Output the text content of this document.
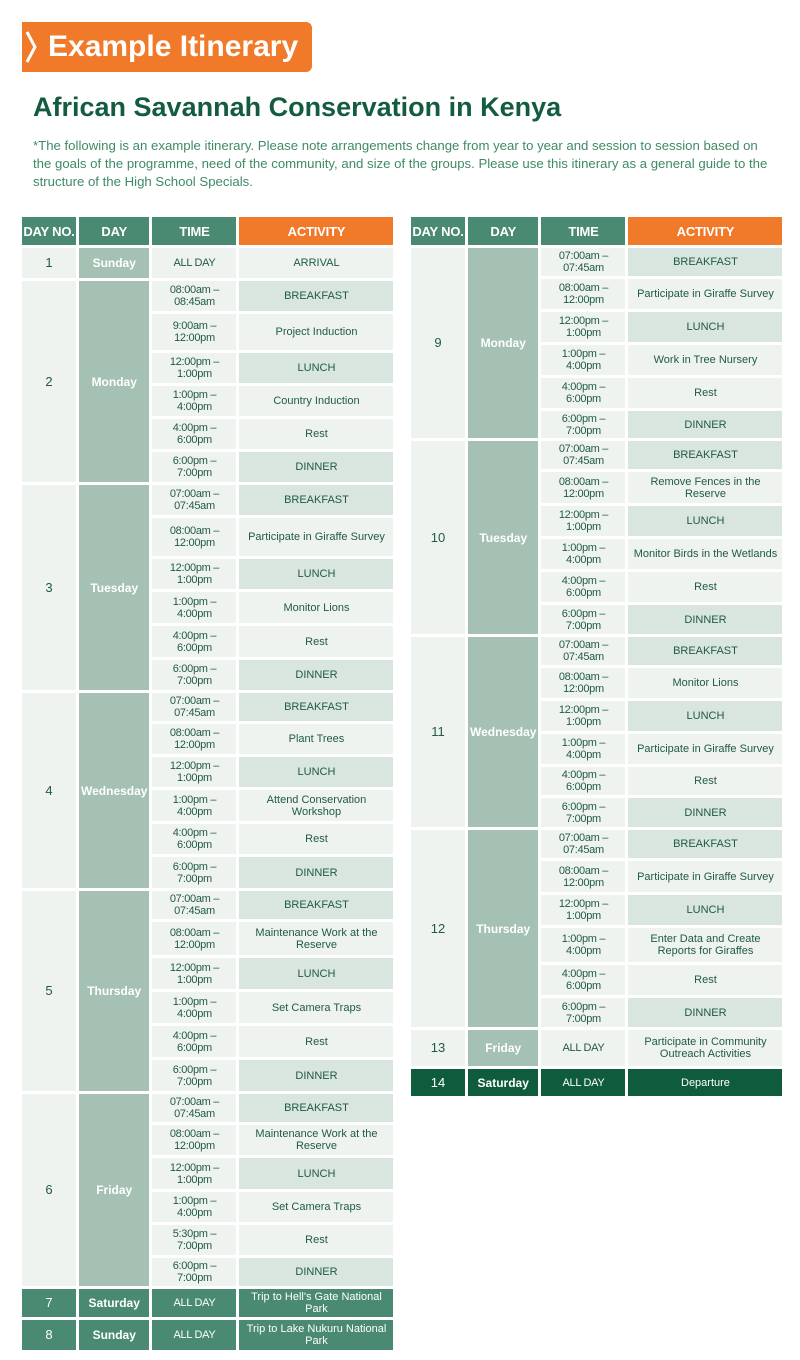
Example Itinerary
African Savannah Conservation in Kenya

*The following is an example itinerary. Please note arrangements change from year to year and session to session based on the goals of the programme, need of the community, and size of the groups. Please use this itinerary as a general guide to the structure of the High School Specials.

DAY NO.	DAY	TIME	ACTIVITY
1	Sunday	ALL DAY	ARRIVAL
2	Monday	08:00am – 08:45am	BREAKFAST
		9:00am – 12:00pm	Project Induction
		12:00pm – 1:00pm	LUNCH
		1:00pm – 4:00pm	Country Induction
		4:00pm – 6:00pm	Rest
		6:00pm – 7:00pm	DINNER
3	Tuesday	07:00am – 07:45am	BREAKFAST
		08:00am – 12:00pm	Participate in Giraffe Survey
		12:00pm – 1:00pm	LUNCH
		1:00pm – 4:00pm	Monitor Lions
		4:00pm – 6:00pm	Rest
		6:00pm – 7:00pm	DINNER
4	Wednesday	07:00am – 07:45am	BREAKFAST
		08:00am – 12:00pm	Plant Trees
		12:00pm – 1:00pm	LUNCH
		1:00pm – 4:00pm	Attend Conservation Workshop
		4:00pm – 6:00pm	Rest
		6:00pm – 7:00pm	DINNER
5	Thursday	07:00am – 07:45am	BREAKFAST
		08:00am – 12:00pm	Maintenance Work at the Reserve
		12:00pm – 1:00pm	LUNCH
		1:00pm – 4:00pm	Set Camera Traps
		4:00pm – 6:00pm	Rest
		6:00pm – 7:00pm	DINNER
6	Friday	07:00am – 07:45am	BREAKFAST
		08:00am – 12:00pm	Maintenance Work at the Reserve
		12:00pm – 1:00pm	LUNCH
		1:00pm – 4:00pm	Set Camera Traps
		5:30pm – 7:00pm	Rest
		6:00pm – 7:00pm	DINNER
7	Saturday	ALL DAY	Trip to Hell's Gate National Park
8	Sunday	ALL DAY	Trip to Lake Nukuru National Park
DAY NO.	DAY	TIME	ACTIVITY
9	Monday	07:00am – 07:45am	BREAKFAST
		08:00am – 12:00pm	Participate in Giraffe Survey
		12:00pm – 1:00pm	LUNCH
		1:00pm – 4:00pm	Work in Tree Nursery
		4:00pm – 6:00pm	Rest
		6:00pm – 7:00pm	DINNER
10	Tuesday	07:00am – 07:45am	BREAKFAST
		08:00am – 12:00pm	Remove Fences in the Reserve
		12:00pm – 1:00pm	LUNCH
		1:00pm – 4:00pm	Monitor Birds in the Wetlands
		4:00pm – 6:00pm	Rest
		6:00pm – 7:00pm	DINNER
11	Wednesday	07:00am – 07:45am	BREAKFAST
		08:00am – 12:00pm	Monitor Lions
		12:00pm – 1:00pm	LUNCH
		1:00pm – 4:00pm	Participate in Giraffe Survey
		4:00pm – 6:00pm	Rest
		6:00pm – 7:00pm	DINNER
12	Thursday	07:00am – 07:45am	BREAKFAST
		08:00am – 12:00pm	Participate in Giraffe Survey
		12:00pm – 1:00pm	LUNCH
		1:00pm – 4:00pm	Enter Data and Create Reports for Giraffes
		4:00pm – 6:00pm	Rest
		6:00pm – 7:00pm	DINNER
13	Friday	ALL DAY	Participate in Community Outreach Activities
14	Saturday	ALL DAY	Departure
